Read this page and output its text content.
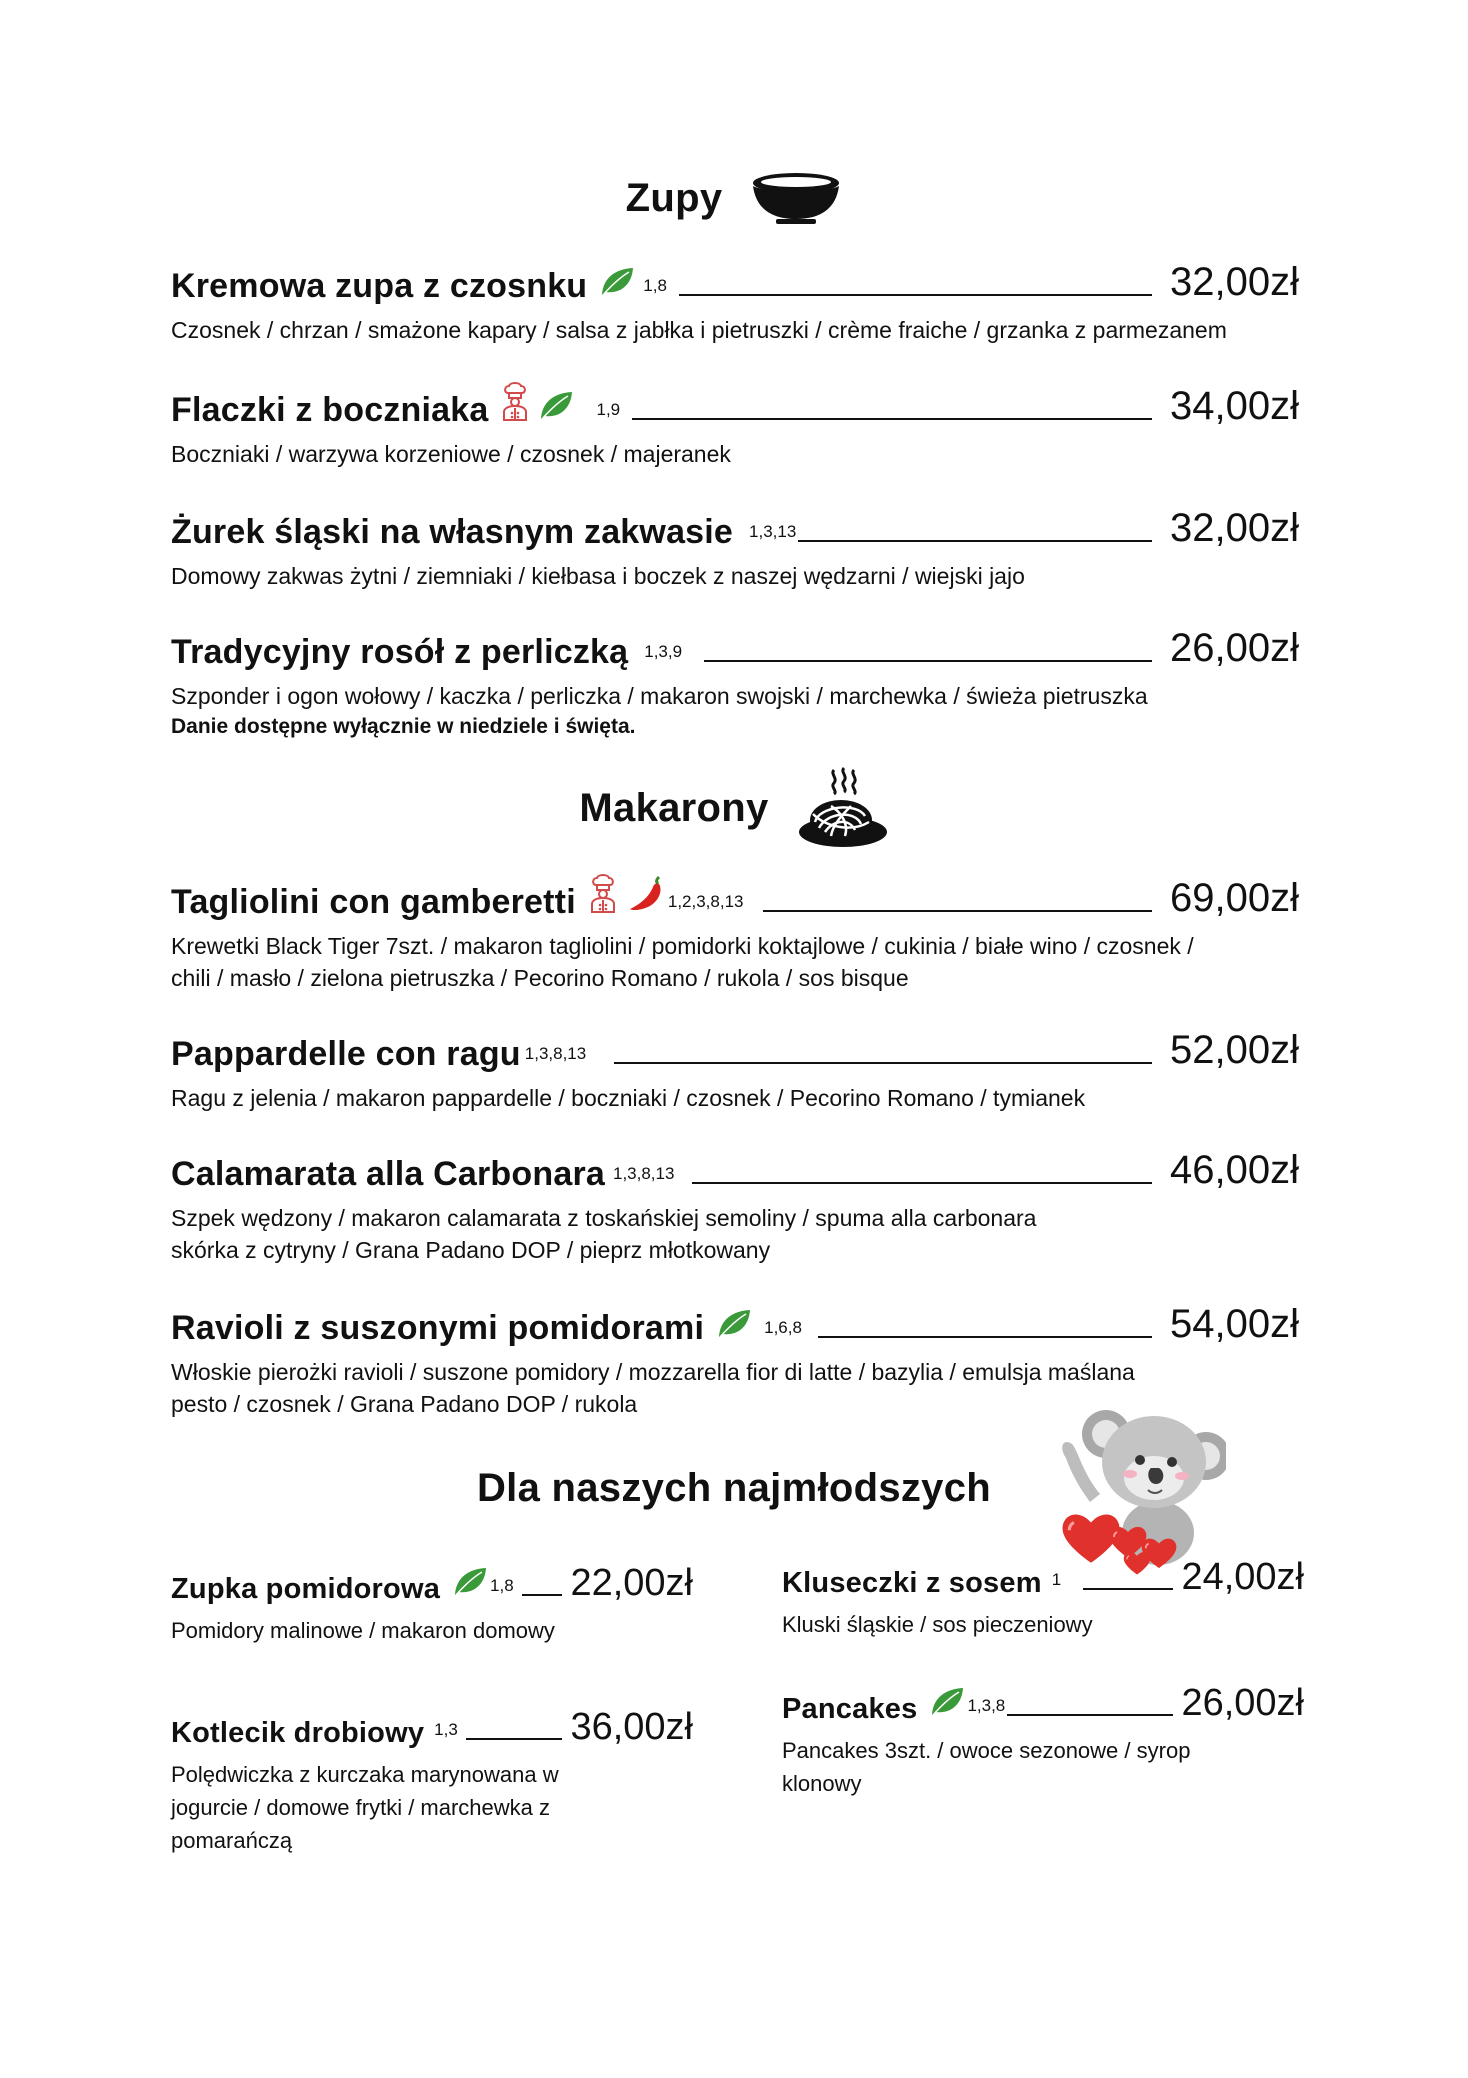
Zupy
Kremowa zupa z czosnku	1,8	32,00zł
Czosnek / chrzan / smażone kapary / salsa z jabłka i pietruszki / crème fraiche / grzanka z parmezanem
Flaczki z boczniaka	1,9	34,00zł
Boczniaki / warzywa korzeniowe / czosnek / majeranek
Żurek śląski na własnym zakwasie 1,3,13	32,00zł
Domowy zakwas żytni / ziemniaki / kiełbasa i boczek z naszej wędzarni / wiejski jajo
Tradycyjny rosół z perliczką 1,3,9	26,00zł
Szponder i ogon wołowy / kaczka / perliczka / makaron swojski / marchewka / świeża pietruszka
Danie dostępne wyłącznie w niedziele i święta.
Makarony
Tagliolini con gamberetti	1,2,3,8,13	69,00zł
Krewetki Black Tiger 7szt. / makaron tagliolini / pomidorki koktajlowe / cukinia / białe wino / czosnek /
chili / masło / zielona pietruszka / Pecorino Romano / rukola / sos bisque
Pappardelle con ragu 1,3,8,13	52,00zł
Ragu z jelenia / makaron pappardelle / boczniaki / czosnek / Pecorino Romano / tymianek
Calamarata alla Carbonara 1,3,8,13	46,00zł
Szpek wędzony / makaron calamarata z toskańskiej semoliny / spuma alla carbonara
skórka z cytryny / Grana Padano DOP / pieprz młotkowany
Ravioli z suszonymi pomidorami	1,6,8	54,00zł
Włoskie pierożki ravioli / suszone pomidory / mozzarella fior di latte / bazylia / emulsja maślana
pesto / czosnek / Grana Padano DOP / rukola
Dla naszych najmłodszych
Zupka pomidorowa	1,8 22,00zł
Pomidory malinowe / makaron domowy
Kluseczki z sosem 1	24,00zł
Kluski śląskie / sos pieczeniowy
Kotlecik drobiowy 1,3	36,00zł
Polędwiczka z kurczaka marynowana w
jogurcie / domowe frytki / marchewka z
pomarańczą
Pancakes	1,3,8	26,00zł
Pancakes 3szt. / owoce sezonowe / syrop
klonowy
